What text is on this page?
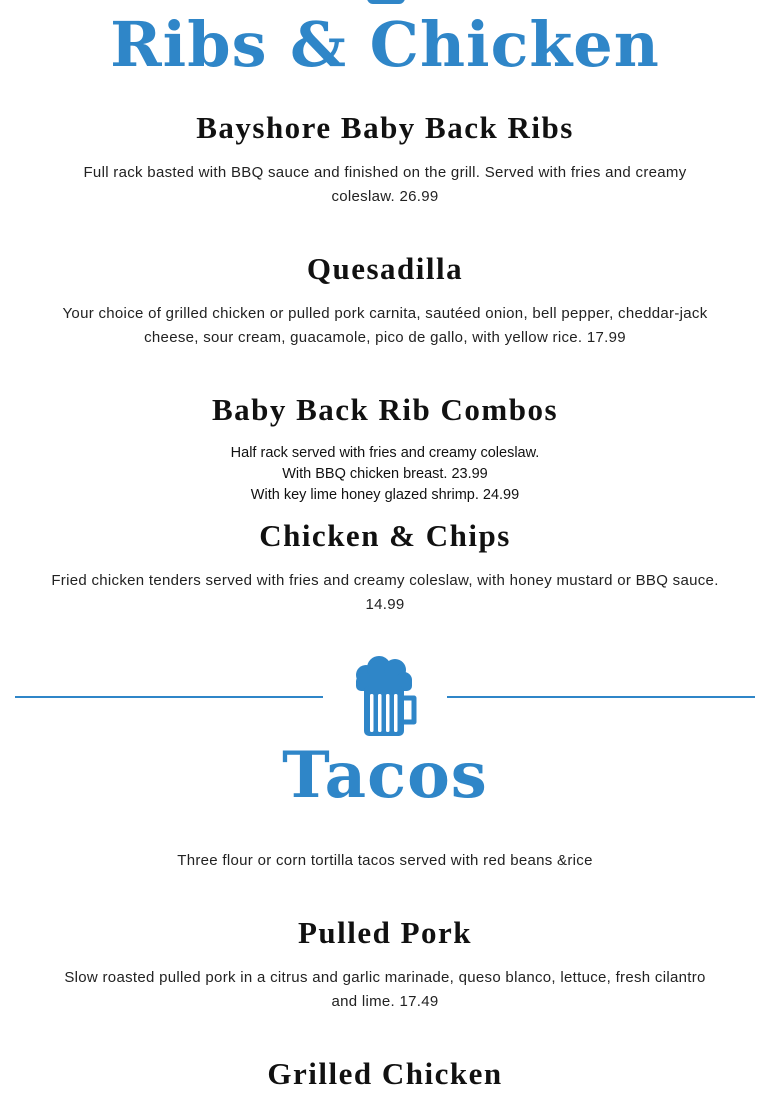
Ribs & Chicken
Bayshore Baby Back Ribs

Full rack basted with BBQ sauce and finished on the grill. Served with fries and creamy coleslaw. 26.99

Quesadilla

Your choice of grilled chicken or pulled pork carnita, sautéed onion, bell pepper, cheddar-jack cheese, sour cream, guacamole, pico de gallo, with yellow rice. 17.99

Baby Back Rib Combos

Half rack served with fries and creamy coleslaw.

With BBQ chicken breast. 23.99

With key lime honey glazed shrimp. 24.99

Chicken & Chips

Fried chicken tenders served with fries and creamy coleslaw, with honey mustard or BBQ sauce. 14.99

Tacos

Three flour or corn tortilla tacos served with red beans &rice

Pulled Pork

Slow roasted pulled pork in a citrus and garlic marinade, queso blanco, lettuce, fresh cilantro and lime. 17.49

Grilled Chicken
